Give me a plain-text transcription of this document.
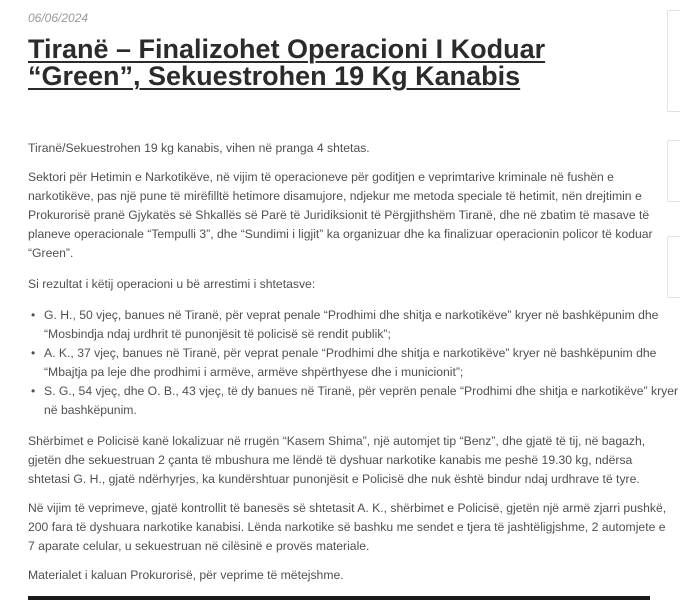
06/06/2024
Tiranë – Finalizohet Operacioni I Koduar
“Green”, Sekuestrohen 19 Kg Kanabis

Tiranë/Sekuestrohen 19 kg kanabis, vihen në pranga 4 shtetas.

Sektori për Hetimin e Narkotikëve, në vijim të operacioneve për goditjen e veprimtarive kriminale në fushën e
narkotikëve, pas një pune të mirëfilltë hetimore disamujore, ndjekur me metoda speciale të hetimit, nën drejtimin e
Prokurorisë pranë Gjykatës së Shkallës së Parë të Juridiksionit të Përgjithshëm Tiranë, dhe në zbatim të masave të
planeve operacionale “Tempulli 3”, dhe “Sundimi i ligjit” ka organizuar dhe ka finalizuar operacionin policor të koduar
“Green”.

Si rezultat i këtij operacioni u bë arrestimi i shtetasve:

• G. H., 50 vjeç, banues në Tiranë, për veprat penale “Prodhimi dhe shitja e narkotikëve” kryer në bashkëpunim dhe
“Mosbindja ndaj urdhrit të punonjësit të policisë së rendit publik”;
• A. K., 37 vjeç, banues në Tiranë, për veprat penale “Prodhimi dhe shitja e narkotikëve” kryer në bashkëpunim dhe
“Mbajtja pa leje dhe prodhimi i armëve, armëve shpërthyese dhe i municionit”;
• S. G., 54 vjeç, dhe O. B., 43 vjeç, të dy banues në Tiranë, për veprën penale “Prodhimi dhe shitja e narkotikëve” kryer
në bashkëpunim.

Shërbimet e Policisë kanë lokalizuar në rrugën “Kasem Shima”, një automjet tip “Benz”, dhe gjatë të tij, në bagazh,
gjetën dhe sekuestruan 2 çanta të mbushura me lëndë të dyshuar narkotike kanabis me peshë 19.30 kg, ndërsa
shtetasi G. H., gjatë ndërhyrjes, ka kundërshtuar punonjësit e Policisë dhe nuk është bindur ndaj urdhrave të tyre.

Në vijim të veprimeve, gjatë kontrollit të banesës së shtetasit A. K., shërbimet e Policisë, gjetën një armë zjarri pushkë,
200 fara të dyshuara narkotike kanabisi. Lënda narkotike së bashku me sendet e tjera të jashtëligjshme, 2 automjete e
7 aparate celular, u sekuestruan në cilësinë e provës materiale.

Materialet i kaluan Prokurorisë, për veprime të mëtejshme.
